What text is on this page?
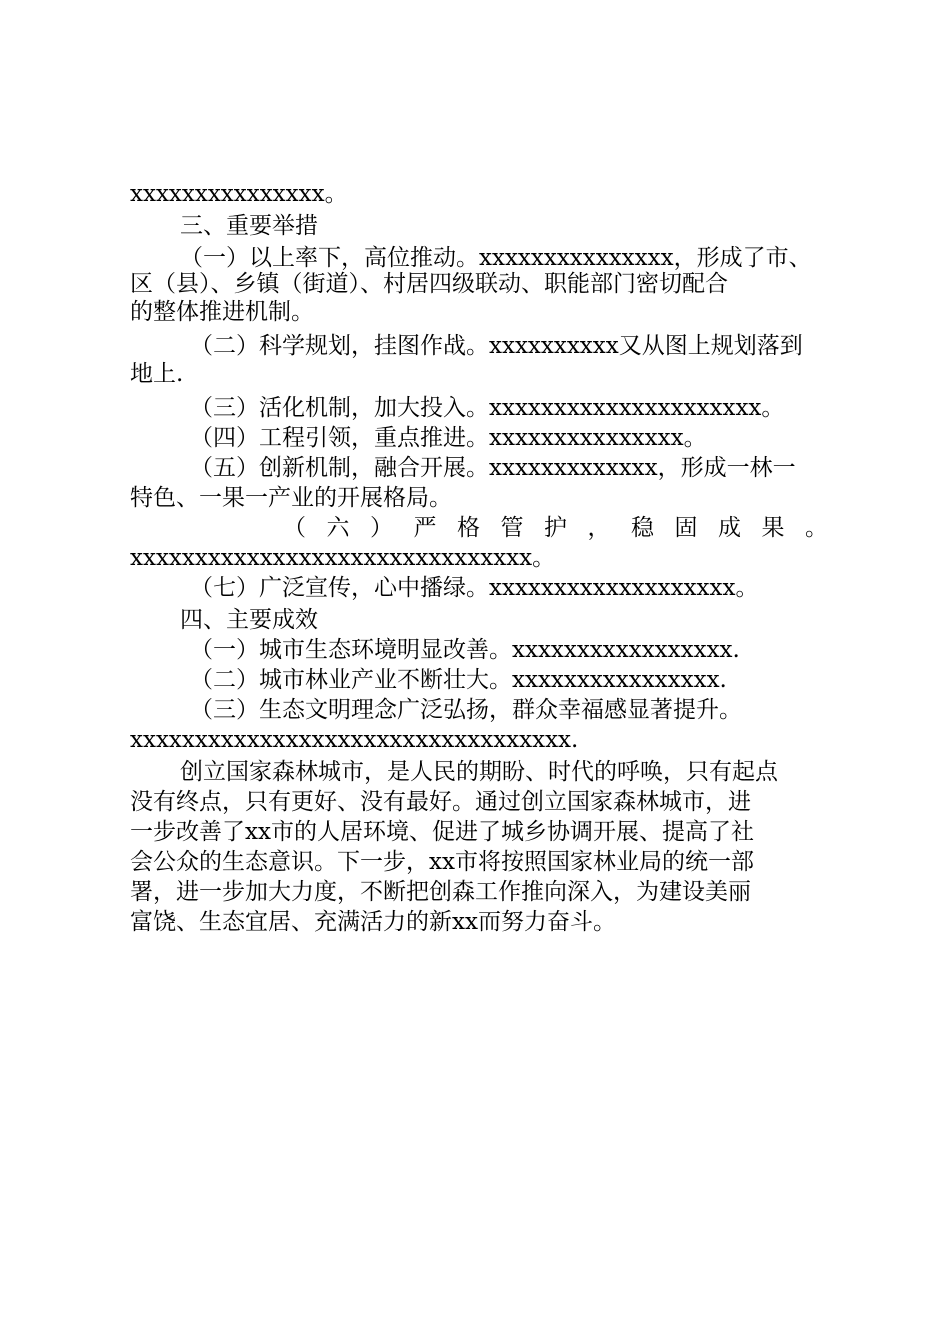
xxxxxxxxxxxxxxx。
三、重要举措
（一）以上率下，高位推动。xxxxxxxxxxxxxxx，形成了市、
区（县）、乡镇（街道）、村居四级联动、职能部门密切配合
的整体推进机制。
（二）科学规划，挂图作战。xxxxxxxxxx又从图上规划落到
地上.
（三）活化机制，加大投入。xxxxxxxxxxxxxxxxxxxxx。
（四）工程引领，重点推进。xxxxxxxxxxxxxxx。
（五）创新机制，融合开展。xxxxxxxxxxxxx，形成一林一
特色、一果一产业的开展格局。
（ 六 ） 严 格 管 护 ， 稳 固 成 果 。
xxxxxxxxxxxxxxxxxxxxxxxxxxxxxxx。
（七）广泛宣传，心中播绿。xxxxxxxxxxxxxxxxxxx。
四、主要成效
（一）城市生态环境明显改善。xxxxxxxxxxxxxxxxx.
（二）城市林业产业不断壮大。xxxxxxxxxxxxxxxx.
（三）生态文明理念广泛弘扬，群众幸福感显著提升。
xxxxxxxxxxxxxxxxxxxxxxxxxxxxxxxxxx.
创立国家森林城市，是人民的期盼、时代的呼唤，只有起点
没有终点，只有更好、没有最好。通过创立国家森林城市，进
一步改善了xx市的人居环境、促进了城乡协调开展、提高了社
会公众的生态意识。下一步，xx市将按照国家林业局的统一部
署，进一步加大力度，不断把创森工作推向深入，为建设美丽
富饶、生态宜居、充满活力的新xx而努力奋斗。
